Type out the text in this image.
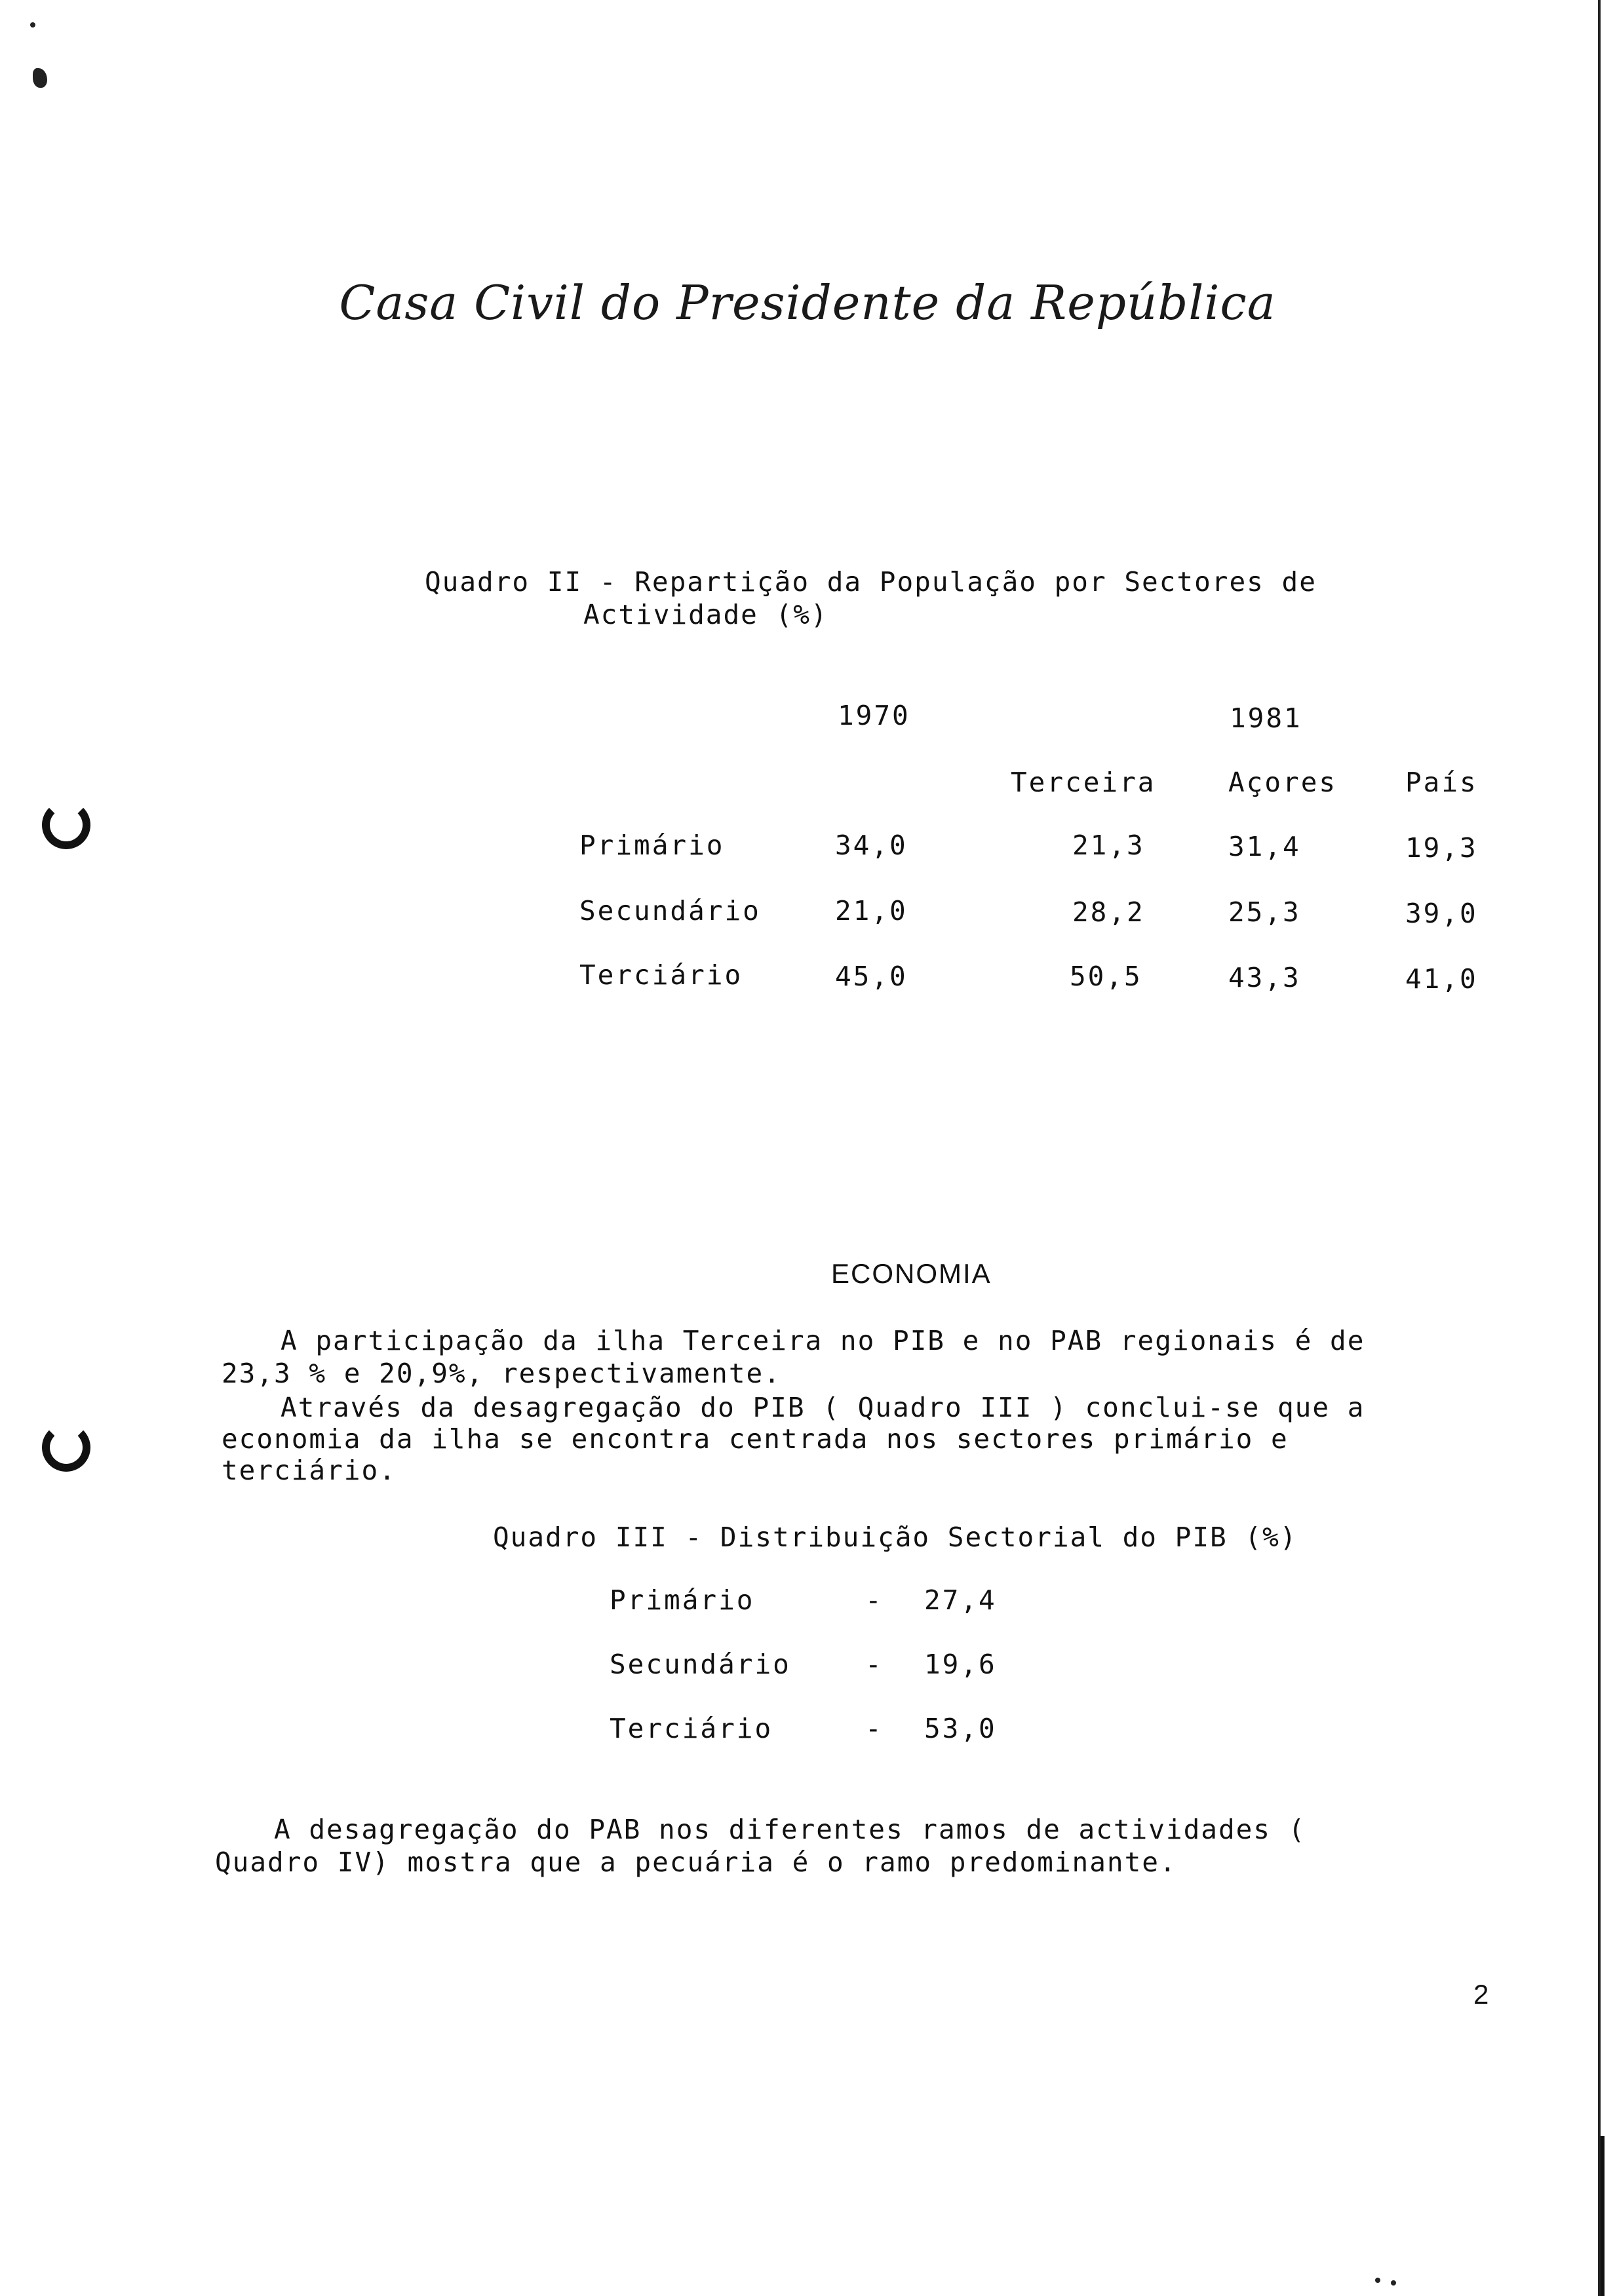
Casa Civil do Presidente da República
Quadro II - Repartição da População por Sectores de
Actividade (%)
1970	1981
Terceira	Açores	País
Primário	34,0	21,3	31,4	19,3
Secundário	21,0	28,2	25,3	39,0
Terciário	45,0	50,5	43,3	41,0
ECONOMIA
A participação da ilha Terceira no PIB e no PAB regionais é de
23,3 % e 20,9%, respectivamente.
Através da desagregação do PIB ( Quadro III ) conclui-se que a
economia da ilha se encontra centrada nos sectores primário e
terciário.
Quadro III - Distribuição Sectorial do PIB (%)
Primário	- 27,4
Secundário	- 19,6
Terciário	- 53,0
A desagregação do PAB nos diferentes ramos de actividades (
Quadro IV) mostra que a pecuária é o ramo predominante.
2
